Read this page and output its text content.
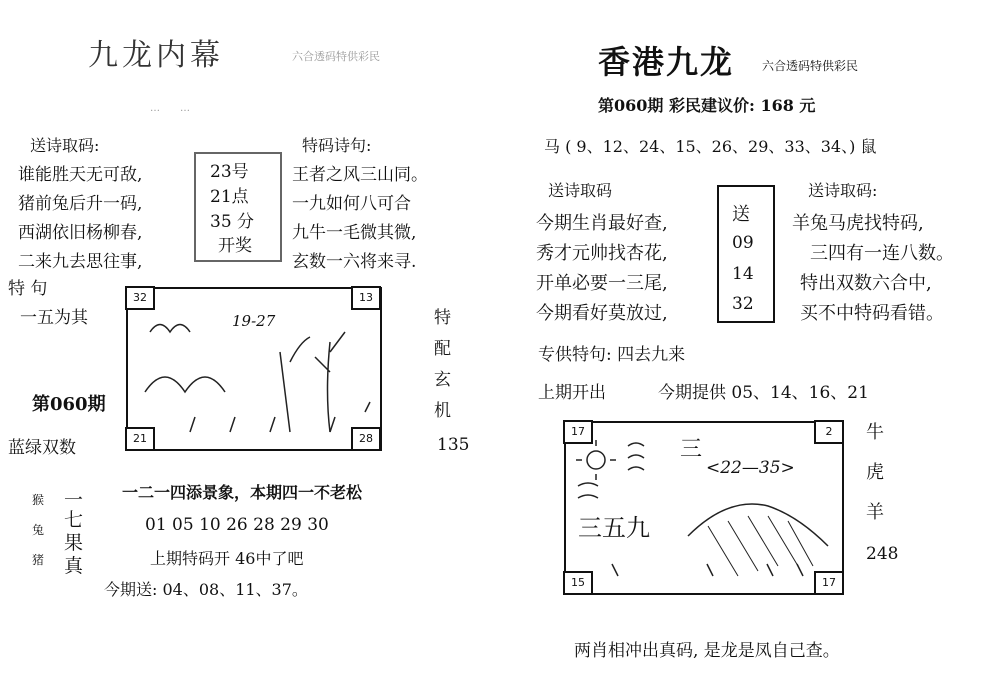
九龙内幕	六合透码特供彩民
……
送诗取码:	特码诗句:
谁能胜天无可敌,
猪前兔后升一码,
西湖依旧杨柳春,
二来九去思往事,
23号
21点
35 分
开奖
王者之风三山同。
一九如何八可合
九牛一毛微其微,
玄数一六将来寻.
特 句
一五为其
第060期
蓝绿双数
32	13
21	28
19-27	特
配
玄
机
135
一二一四添景象，本期四一不老松
猴
兔
猪
一
七
果
真
01 05 10 26 28 29 30
上期特码开 46中了吧
今期送: 04、08、11、37。
香港九龙 六合透码特供彩民
第060期 彩民建议价: 168 元
马 ( 9、12、24、15、26、29、33、34、) 鼠
送诗取码	送诗取码:
今期生肖最好查,
秀才元帅找杏花,
开单必要一三尾,
今期看好莫放过,
送
09
14
32
羊兔马虎找特码,
三四有一连八数。
特出双数六合中,
买不中特码看错。
专供特句: 四去九来
上期开出	今期提供 05、14、16、21
17	2
15	17
三
<22—35>
三五九
牛
虎
羊
248
两肖相冲出真码, 是龙是凤自己查。
